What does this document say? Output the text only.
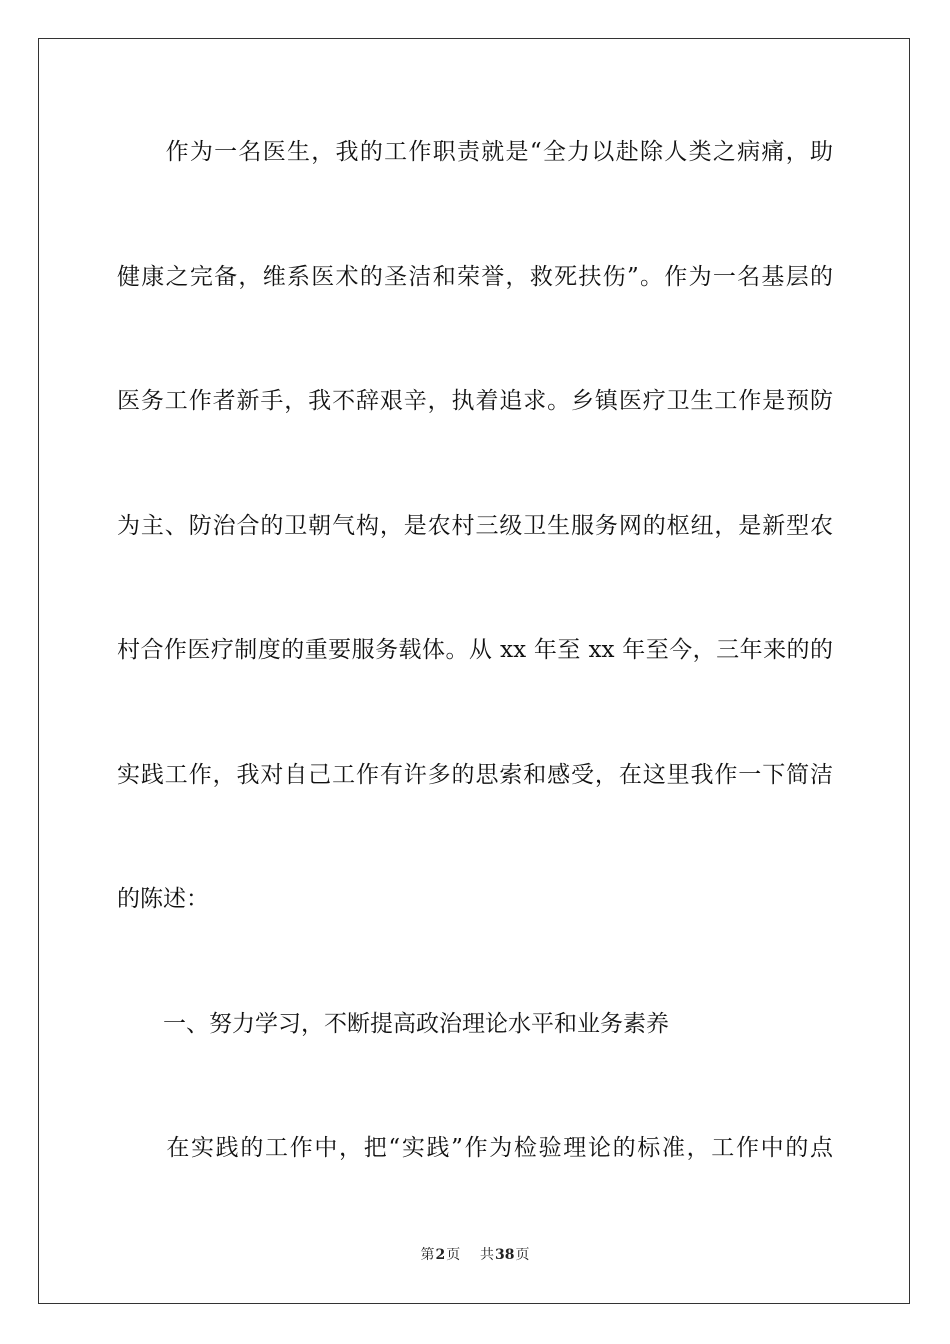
　　作为一名医生，我的工作职责就是“全力以赴除人类之病痛，助
健康之完备，维系医术的圣洁和荣誉，救死扶伤”。作为一名基层的
医务工作者新手，我不辞艰辛，执着追求。乡镇医疗卫生工作是预防
为主、防治合的卫朝气构，是农村三级卫生服务网的枢纽，是新型农
村合作医疗制度的重要服务载体。从 xx 年至 xx 年至今，三年来的的
实践工作，我对自己工作有许多的思索和感受，在这里我作一下简洁
的陈述：
　　一、努力学习，不断提高政治理论水平和业务素养
　　在实践的工作中，把“实践”作为检验理论的标准，工作中的点
第2页 共38页
